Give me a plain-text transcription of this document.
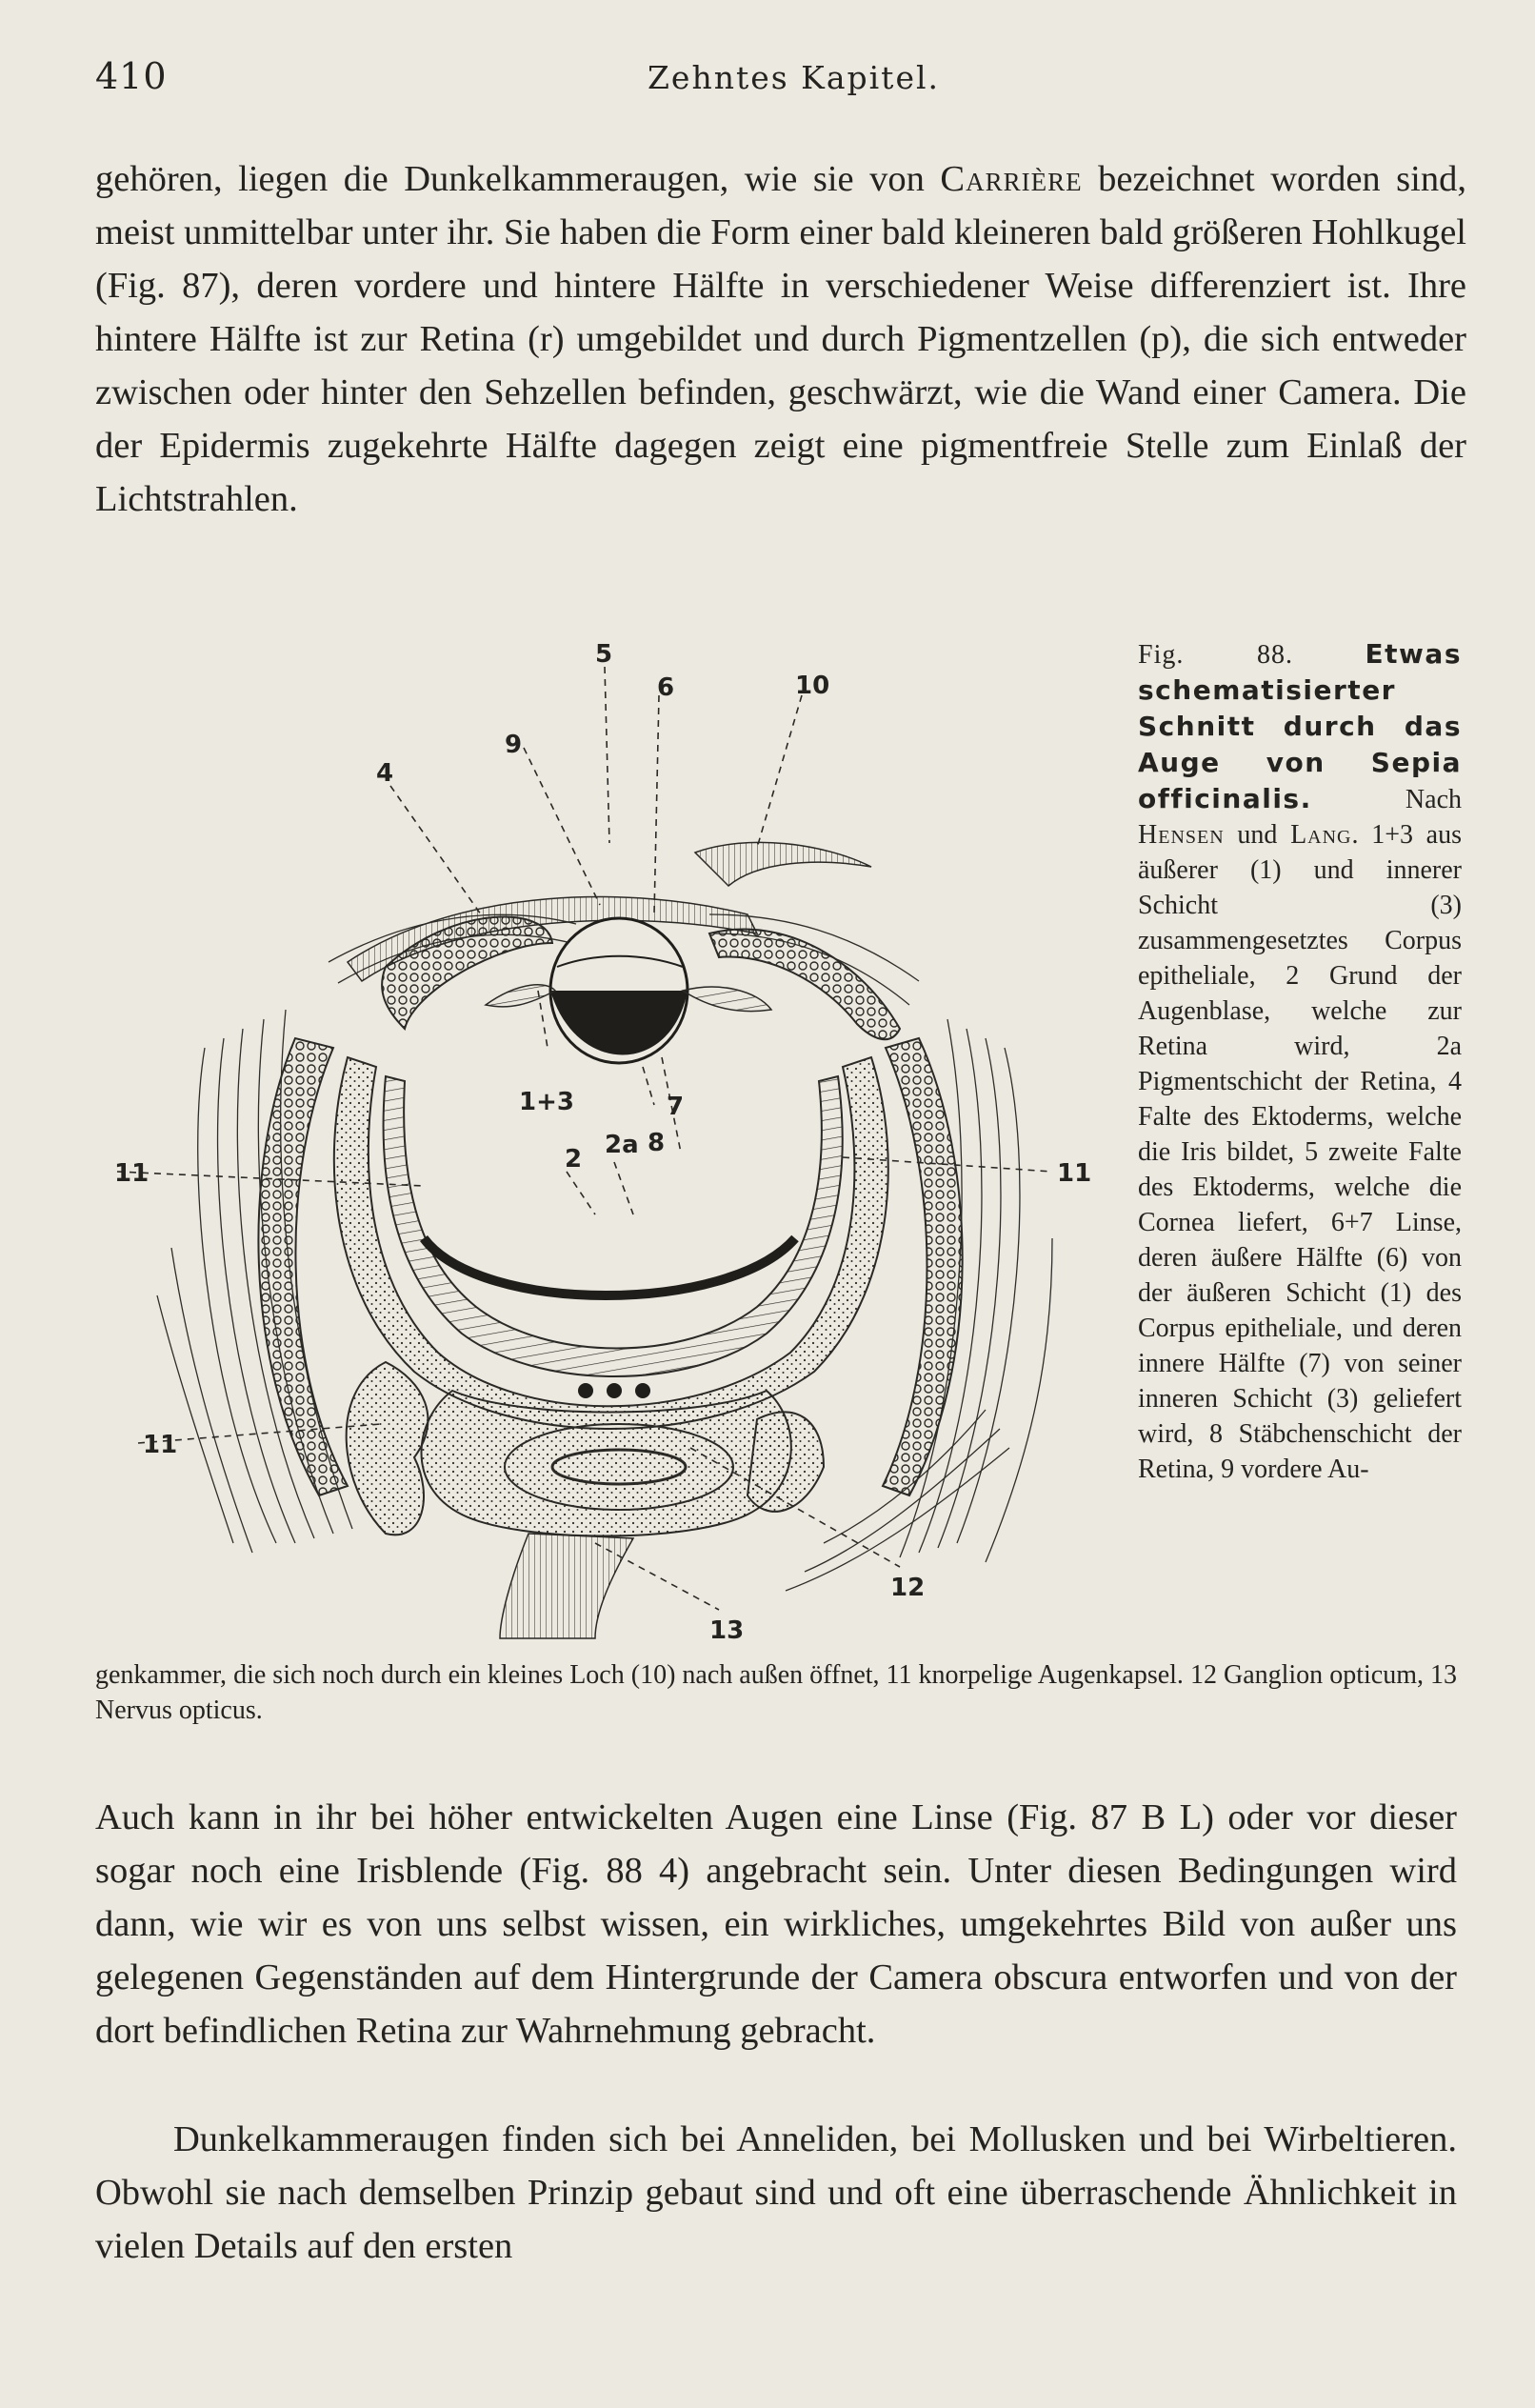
410	Zehntes Kapitel.

gehören, liegen die Dunkelkammeraugen, wie sie von Carrière bezeichnet worden sind, meist unmittelbar unter ihr. Sie haben die Form einer bald kleineren bald größeren Hohlkugel (Fig. 87), deren vordere und hintere Hälfte in verschiedener Weise differenziert ist. Ihre hintere Hälfte ist zur Retina (r) umgebildet und durch Pigmentzellen (p), die sich entweder zwischen oder hinter den Sehzellen befinden, geschwärzt, wie die Wand einer Camera. Die der Epidermis zugekehrte Hälfte dagegen zeigt eine pigmentfreie Stelle zum Einlaß der Lichtstrahlen.

5
6	10
9
4
1+3	7
2a 8
2
11	11
11
12
13
Fig. 88.	Etwas schematisierter Schnitt durch das Auge von Sepia officinalis.	Nach Hensen und Lang. 1+3 aus äußerer (1) und innerer Schicht (3) zusammengesetztes Corpus epitheliale, 2 Grund der Augenblase, welche zur Retina wird, 2a Pigmentschicht der Retina, 4 Falte des Ektoderms, welche die Iris bildet, 5 zweite Falte des Ektoderms, welche die Cornea liefert, 6+7 Linse, deren äußere Hälfte (6) von der äußeren Schicht (1) des Corpus epitheliale, und deren innere Hälfte (7) von seiner inneren Schicht (3) geliefert wird, 8 Stäbchenschicht der Retina, 9 vordere Au-
genkammer, die sich noch durch ein kleines Loch (10) nach außen öffnet, 11 knorpelige Augenkapsel. 12 Ganglion opticum, 13 Nervus opticus.

Auch kann in ihr bei höher entwickelten Augen eine Linse (Fig. 87 B L) oder vor dieser sogar noch eine Irisblende (Fig. 88 4) angebracht sein. Unter diesen Bedingungen wird dann, wie wir es von uns selbst wissen, ein wirkliches, umgekehrtes Bild von außer uns gelegenen Gegenständen auf dem Hintergrunde der Camera obscura entworfen und von der dort befindlichen Retina zur Wahrnehmung gebracht.

Dunkelkammeraugen finden sich bei Anneliden, bei Mollusken und bei Wirbeltieren. Obwohl sie nach demselben Prinzip gebaut sind und oft eine überraschende Ähnlichkeit in vielen Details auf den ersten
